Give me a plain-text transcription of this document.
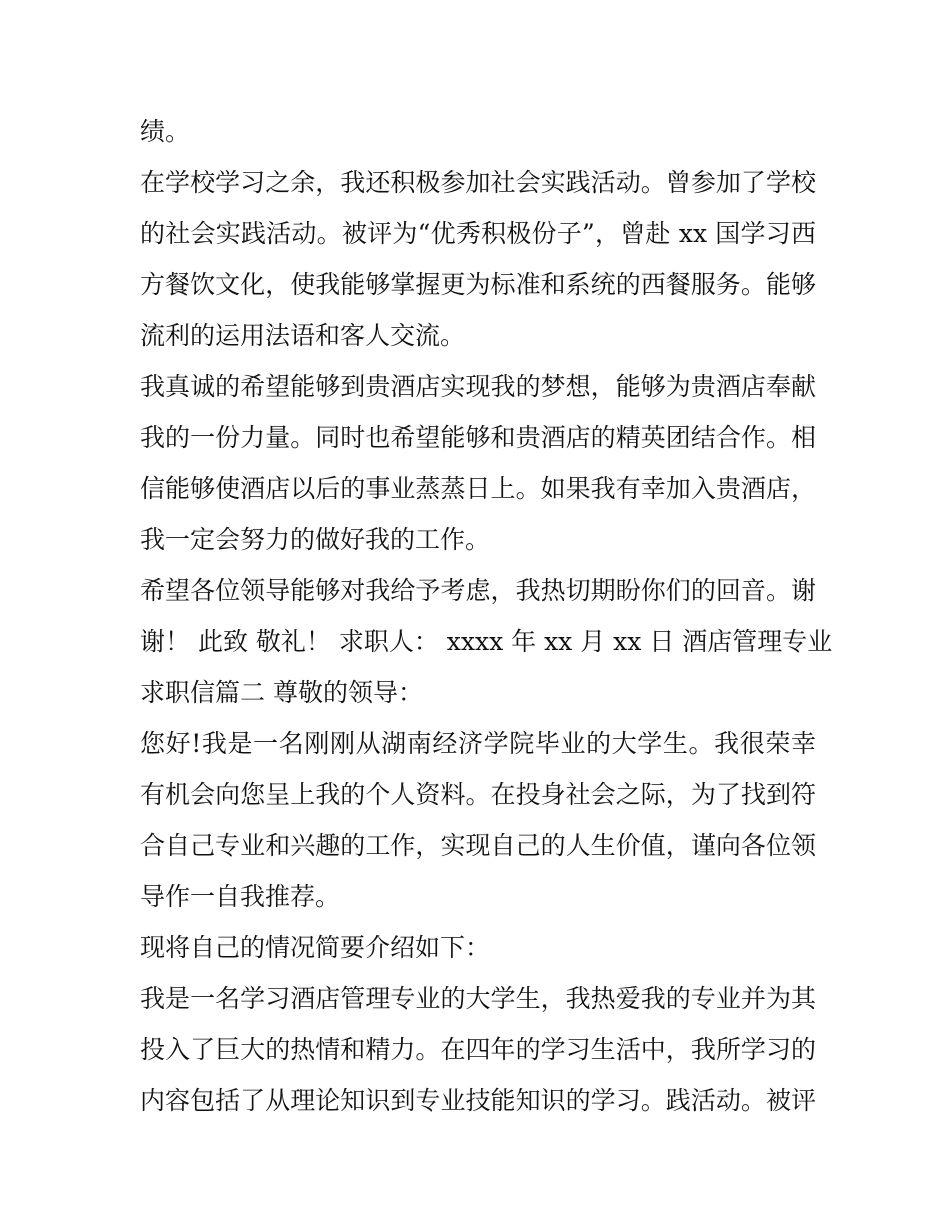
绩。
在学校学习之余，我还积极参加社会实践活动。曾参加了学校
的社会实践活动。被评为“优秀积极份子”，曾赴 xx 国学习西
方餐饮文化，使我能够掌握更为标准和系统的西餐服务。能够
流利的运用法语和客人交流。
我真诚的希望能够到贵酒店实现我的梦想，能够为贵酒店奉献
我的一份力量。同时也希望能够和贵酒店的精英团结合作。相
信能够使酒店以后的事业蒸蒸日上。如果我有幸加入贵酒店，
我一定会努力的做好我的工作。
希望各位领导能够对我给予考虑，我热切期盼你们的回音。谢
谢！ 此致 敬礼！ 求职人： xxxx 年 xx 月 xx 日 酒店管理专业
求职信篇二 尊敬的领导：
您好!我是一名刚刚从湖南经济学院毕业的大学生。我很荣幸
有机会向您呈上我的个人资料。在投身社会之际，为了找到符
合自己专业和兴趣的工作，实现自己的人生价值，谨向各位领
导作一自我推荐。
现将自己的情况简要介绍如下：
我是一名学习酒店管理专业的大学生，我热爱我的专业并为其
投入了巨大的热情和精力。在四年的学习生活中，我所学习的
内容包括了从理论知识到专业技能知识的学习。践活动。被评
